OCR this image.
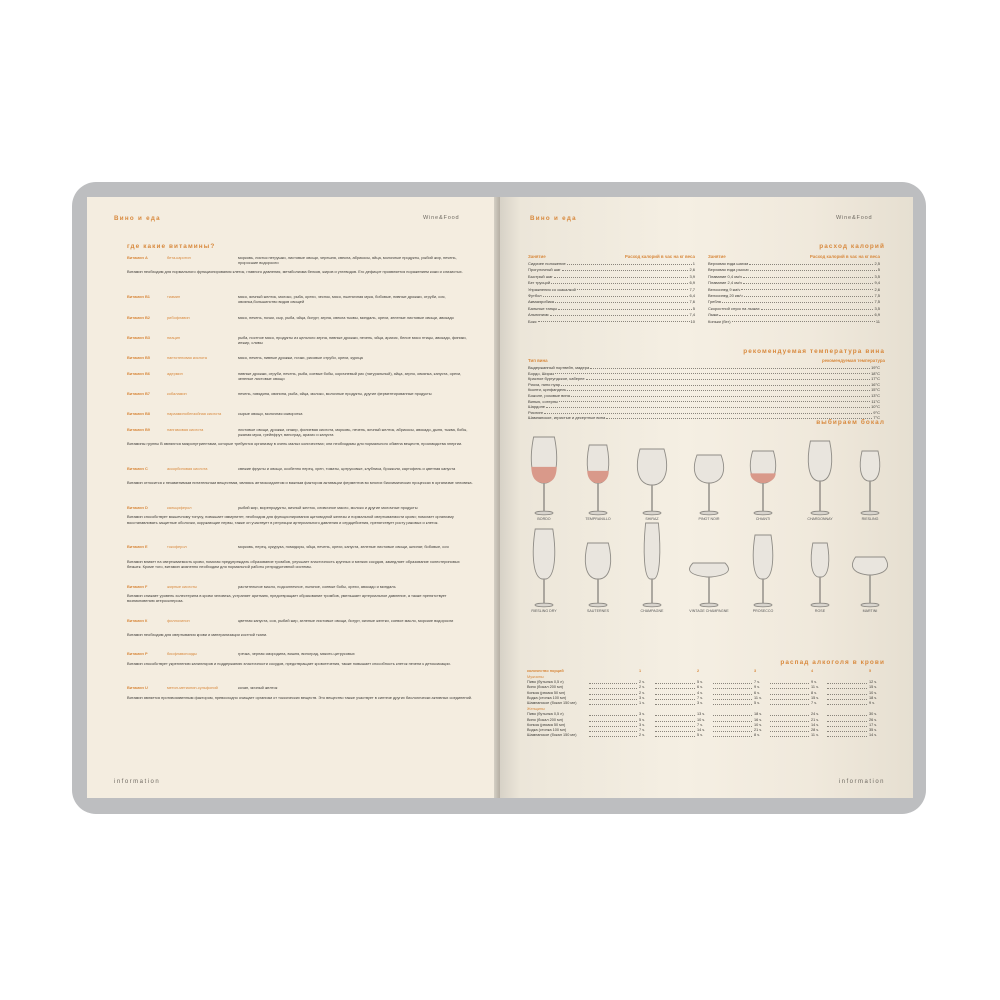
Вино и еда	Wine&Food
где какие витамины?
Витамин А	бета-каротин	морковь, листья петрушки, листовые овощи, черешня, свекла, абрикосы, яйца, молочные продукты, рыбий жир, печень, проросшие водоросли
Витамин необходим для нормального функционирования клеток, главного давления, метаболизма белков, жиров и углеводов. Его дефицит проявляется поражением кожи и слизистых.
Витамин B1	тиамин	мясо, яичный желток, молоко, рыба, орехи, чеснок, мясо, пшеничная мука, бобовые, пивные дрожжи, отруби, соя, овсянка,большинство видов овощей
Витамин B2	рибофлавин	мясо, печень, почки, сыр, рыба, яйца, йогурт, зерна, свекла тыквы, миндаль, орехи, зеленые листовые овощи, авокадо
Витамин B3	ниацин	рыба, постное мясо, продукты из цельного зерна, пивные дрожжи, печень, яйца, арахис, белое мясо птицы, авокадо, финики, инжир, сливы
Витамин B5	пантотеновая кислота	мясо, печень, пивные дрожжи, почки, рисовые отруби, орехи, курица
Витамин B6	адермин	пивные дрожжи, отруби, печень, рыба, соевые бобы, коричневый рис (натуральный), яйца, зерно, овсянка, капуста, орехи, зеленые листовые овощи
Витамин B7	кобаламин	печень, говядина, свинина, рыба, яйца, молоко, молочные продукты, другие ферментированные продукты
Витамин B8	парааминобензойная кислота	сырые овощи, молочная сыворотка
Витамин B9	пангамовая кислота	листовые овощи, дрожжи, инжир, фолиевая кислота, морковь, печень, яичный желток, абрикосы, авокадо, дыня, тыква, бобы, ржаная мука, грейпфрут, виноград, арахис и капуста
Витамины группы В являются микронутриентами, которые требуются организму в очень малых количествах; они необходимы для нормального обмена веществ, производства энергии.
Витамин С	аскорбиновая кислота	свежие фрукты и овощи, особенно перец, хрен, томаты, цитрусовые, клубника, брокколи, картофель и цветная капуста
Витамин относится к незаменимым питательным веществам, являясь антиоксидантом и важным фактором активации ферментов во многих биохимических процессах в организме человека.
Витамин D	кальциферол	рыбий жир, морепродукты, яичный желток, сливочное масло, молоко и другие молочные продукты
Витамин способствует мышечному тонусу, повышает иммунитет, необходим для функционирования щитовидной железы и нормальной свертываемости крови; помогает организму восстанавливать защитные оболочки, окружающие нервы, также он участвует в регуляции артериального давления и сердцебиения, препятствует росту раковых и клеток.
Витамин Е	токоферол	морковь, перец, кукуруза, помидоры, яйца, печень, орехи, капуста, зеленые листовые овощи, шпинат, бобовые, соя
Витамин влияет на свертываемость крови, помогая предупреждать образование тромбов, улучшает эластичность крупных и мелких сосудов, замедляет образование холестериновых бляшек. Кроме того, витамин жизненно необходим для нормальной работы репродуктивной системы.
Витамин F	жирные кислоты	растительное масло, подсолнечное, льняное, соевые бобы, орехи, авокадо и миндаль
Витамин снижает уровень холестерина в крови человека, устраняет аритмию, предотвращает образование тромбов, уменьшает артериальное давление, а также препятствует возникновению атеросклероза.
Витамин К	филлохинон	цветная капуста, соя, рыбий жир, зеленые листовые овощи, йогурт, яичные желтки, соевое масло, морские водоросли
Витамин необходим для свертывания крови и минерализации костной ткани.
Витамин Р	биофлавоноиды	гречка, черная смородина, вишня, виноград, мякоть цитрусовых
Витамин способствует укреплению капилляров и поддержанию эластичности сосудов, предотвращает кровотечения, также повышает способность клеток печени к детоксикации.
Витамин U	метил-метионин-сульфоний	кочан, яичный желток
Витамин является противоязвенным фактором, превосходно очищает организм от токсических веществ. Это вещество также участвует в синтезе других биологически активных соединений.
information
Вино и еда	Wine&Food
расход калорий
Занятие	Расход калорий в час на кг веса	Занятие	Расход калорий в час на кг веса
Сидячее положение	1
Прогулочный шаг	2,6
Быстрый шаг	3,9
Бег трусцой	6,9
Упражнения со скакалкой	7,7
Футбол	6,4
Аквааэробика	7,6
Бальные танцы	5
Альпинизм	7,4
Бокс	10
Верховая езда шагом	2,5
Верховая езда рысью	5
Плавание 0,4 км/ч	3,5
Плавание 2,4 км/ч	9,4
Велосипед 9 км/ч	2,6
Велосипед 20 км/ч	7,5
Гребля	7,5
Скоростной спуск на лыжах	3,5
Лыжи	6,9
Коньки (бег)	11
рекомендуемая температура вина
Тип вина	рекомендуемая температура
Выдержанный портвейн, мадера	19°С
Бордо, Шираз	18°С
Красное бургундское, каберне	17°С
Риоха, пино нуар	16°С
Кьянти, цинфандель	15°С
Божоле, розовые вина	13°С
Винью, сотерны	11°С
Шардоне	10°С
Рислинг	9°С
Шампанское, игристые и десертные вина	7°С
выбираем бокал
распад алкоголя в крови
количество порций	1	2	3	4	5
Мужчины
Пиво (бутылка 0,5 л)	2 ч.	5 ч.	7 ч.	9 ч.	12 ч.
Вино (бокал 200 мл)	2 ч.	6 ч.	9 ч.	11 ч.	15 ч.
Коньяк (рюмка 50 мл)	2 ч.	4 ч.	6 ч.	8 ч.	10 ч.
Водка (стопка 100 мл)	3 ч.	7 ч.	11 ч.	15 ч.	18 ч.
Шампанское (бокал 150 мл)	1 ч.	3 ч.	5 ч.	7 ч.	9 ч.
Женщины
Пиво (бутылка 0,5 л)	3 ч.	13 ч.	18 ч.	24 ч.	30 ч.
Вино (бокал 200 мл)	5 ч.	10 ч.	16 ч.	21 ч.	26 ч.
Коньяк (рюмка 50 мл)	3 ч.	7 ч.	10 ч.	14 ч.	17 ч.
Водка (стопка 100 мл)	7 ч.	14 ч.	21 ч.	28 ч.	35 ч.
Шампанское (бокал 150 мл)	2 ч.	5 ч.	8 ч.	11 ч.	14 ч.
information
BORDO	TEMPRANILLO	SHIRAZ	PINOT NOIR	CHIANTI	CHARDONNAY	RIESLING
RIESLING DRY	SAUTERNES	CHAMPAGNE	VINTAGE CHAMPAGNE	PROSECCO	ROSE	MARTINI
